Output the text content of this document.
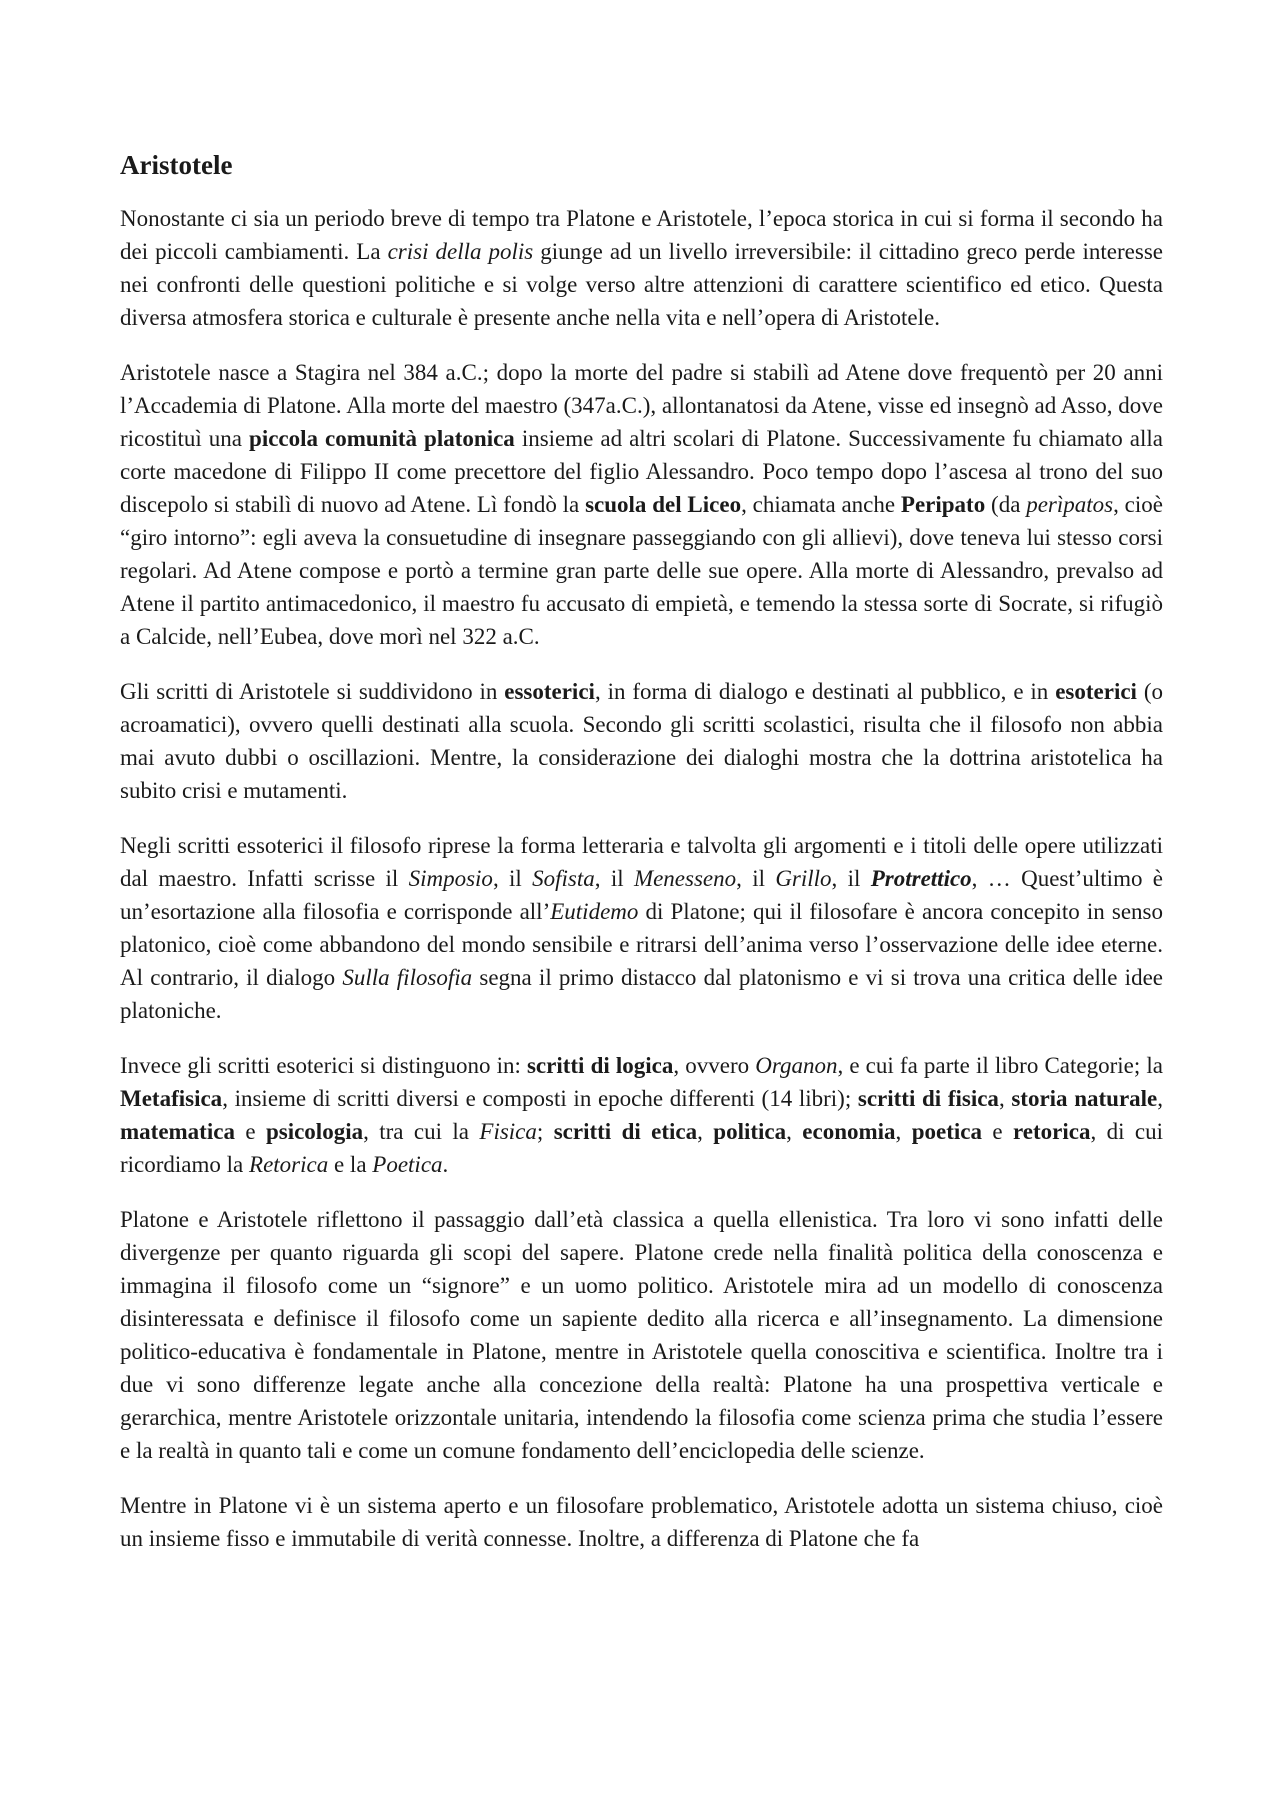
Aristotele

Nonostante ci sia un periodo breve di tempo tra Platone e Aristotele, l’epoca storica in cui si forma il secondo ha dei piccoli cambiamenti. La crisi della polis giunge ad un livello irreversibile: il cittadino greco perde interesse nei confronti delle questioni politiche e si volge verso altre attenzioni di carattere scientifico ed etico. Questa diversa atmosfera storica e culturale è presente anche nella vita e nell’opera di Aristotele.

Aristotele nasce a Stagira nel 384 a.C.; dopo la morte del padre si stabilì ad Atene dove frequentò per 20 anni l’Accademia di Platone. Alla morte del maestro (347a.C.), allontanatosi da Atene, visse ed insegnò ad Asso, dove ricostituì una piccola comunità platonica insieme ad altri scolari di Platone. Successivamente fu chiamato alla corte macedone di Filippo II come precettore del figlio Alessandro. Poco tempo dopo l’ascesa al trono del suo discepolo si stabilì di nuovo ad Atene. Lì fondò la scuola del Liceo, chiamata anche Peripato (da perìpatos, cioè “giro intorno”: egli aveva la consuetudine di insegnare passeggiando con gli allievi), dove teneva lui stesso corsi regolari. Ad Atene compose e portò a termine gran parte delle sue opere. Alla morte di Alessandro, prevalso ad Atene il partito antimacedonico, il maestro fu accusato di empietà, e temendo la stessa sorte di Socrate, si rifugiò a Calcide, nell’Eubea, dove morì nel 322 a.C.

Gli scritti di Aristotele si suddividono in essoterici, in forma di dialogo e destinati al pubblico, e in esoterici (o acroamatici), ovvero quelli destinati alla scuola. Secondo gli scritti scolastici, risulta che il filosofo non abbia mai avuto dubbi o oscillazioni. Mentre, la considerazione dei dialoghi mostra che la dottrina aristotelica ha subito crisi e mutamenti.

Negli scritti essoterici il filosofo riprese la forma letteraria e talvolta gli argomenti e i titoli delle opere utilizzati dal maestro. Infatti scrisse il Simposio, il Sofista, il Menesseno, il Grillo, il Protrettico, … Quest’ultimo è un’esortazione alla filosofia e corrisponde all’Eutidemo di Platone; qui il filosofare è ancora concepito in senso platonico, cioè come abbandono del mondo sensibile e ritrarsi dell’anima verso l’osservazione delle idee eterne. Al contrario, il dialogo Sulla filosofia segna il primo distacco dal platonismo e vi si trova una critica delle idee platoniche.

Invece gli scritti esoterici si distinguono in: scritti di logica, ovvero Organon, e cui fa parte il libro Categorie; la Metafisica, insieme di scritti diversi e composti in epoche differenti (14 libri); scritti di fisica, storia naturale, matematica e psicologia, tra cui la Fisica; scritti di etica, politica, economia, poetica e retorica, di cui ricordiamo la Retorica e la Poetica.

Platone e Aristotele riflettono il passaggio dall’età classica a quella ellenistica. Tra loro vi sono infatti delle divergenze per quanto riguarda gli scopi del sapere. Platone crede nella finalità politica della conoscenza e immagina il filosofo come un “signore” e un uomo politico. Aristotele mira ad un modello di conoscenza disinteressata e definisce il filosofo come un sapiente dedito alla ricerca e all’insegnamento. La dimensione politico-educativa è fondamentale in Platone, mentre in Aristotele quella conoscitiva e scientifica. Inoltre tra i due vi sono differenze legate anche alla concezione della realtà: Platone ha una prospettiva verticale e gerarchica, mentre Aristotele orizzontale unitaria, intendendo la filosofia come scienza prima che studia l’essere e la realtà in quanto tali e come un comune fondamento dell’enciclopedia delle scienze.

Mentre in Platone vi è un sistema aperto e un filosofare problematico, Aristotele adotta un sistema chiuso, cioè un insieme fisso e immutabile di verità connesse. Inoltre, a differenza di Platone che fa
